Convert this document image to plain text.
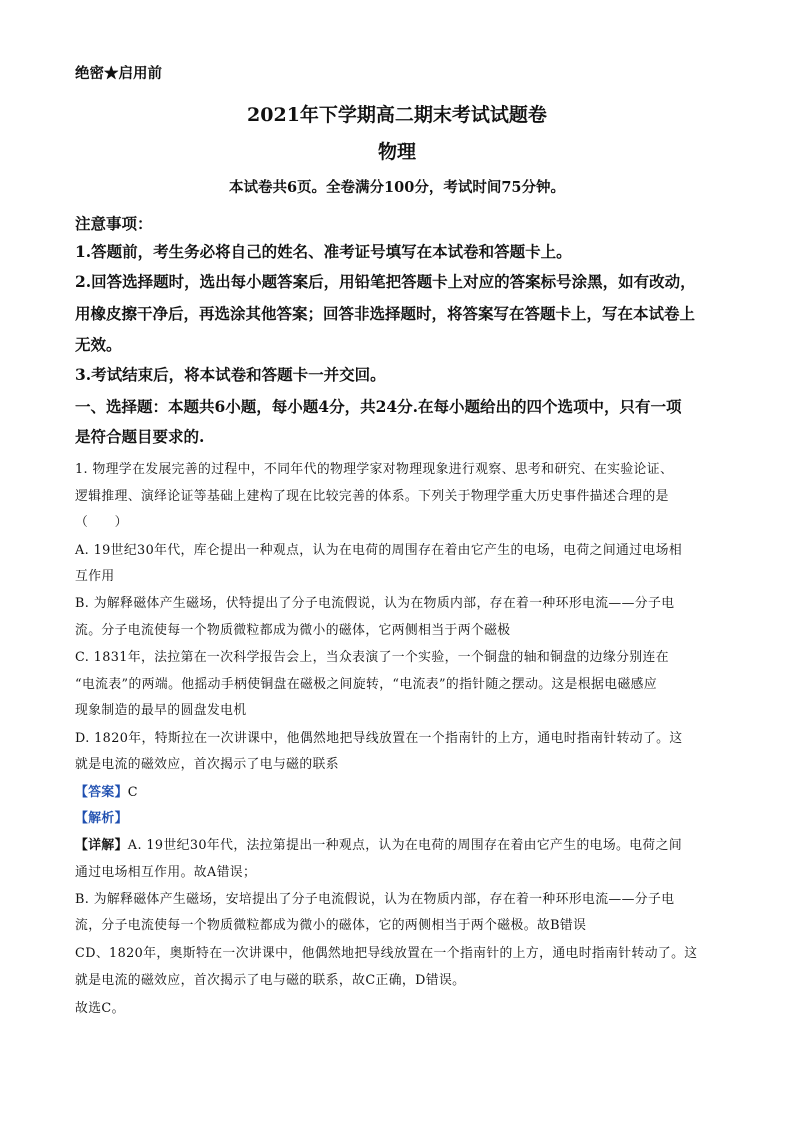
绝密★启用前
2021年下学期高二期末考试试题卷
物理
本试卷共6页。全卷满分100分，考试时间75分钟。
注意事项：
1.答题前，考生务必将自己的姓名、准考证号填写在本试卷和答题卡上。
2.回答选择题时，选出每小题答案后，用铅笔把答题卡上对应的答案标号涂黑，如有改动，
用橡皮擦干净后，再选涂其他答案；回答非选择题时，将答案写在答题卡上，写在本试卷上
无效。
3.考试结束后，将本试卷和答题卡一并交回。
一、选择题：本题共6小题，每小题4分，共24分.在每小题给出的四个选项中，只有一项
是符合题目要求的.
1. 物理学在发展完善的过程中，不同年代的物理学家对物理现象进行观察、思考和研究、在实验论证、
逻辑推理、演绎论证等基础上建构了现在比较完善的体系。下列关于物理学重大历史事件描述合理的是
（　　）
A. 19世纪30年代，库仑提出一种观点，认为在电荷的周围存在着由它产生的电场，电荷之间通过电场相
互作用
B. 为解释磁体产生磁场，伏特提出了分子电流假说，认为在物质内部，存在着一种环形电流——分子电
流。分子电流使每一个物质微粒都成为微小的磁体，它两侧相当于两个磁极
C. 1831年，法拉第在一次科学报告会上，当众表演了一个实验，一个铜盘的轴和铜盘的边缘分别连在
“电流表”的两端。他摇动手柄使铜盘在磁极之间旋转，“电流表”的指针随之摆动。这是根据电磁感应
现象制造的最早的圆盘发电机
D. 1820年，特斯拉在一次讲课中，他偶然地把导线放置在一个指南针的上方，通电时指南针转动了。这
就是电流的磁效应，首次揭示了电与磁的联系
【答案】C
【解析】
【详解】A. 19世纪30年代，法拉第提出一种观点，认为在电荷的周围存在着由它产生的电场。电荷之间
通过电场相互作用。故A错误；
B. 为解释磁体产生磁场，安培提出了分子电流假说，认为在物质内部，存在着一种环形电流——分子电
流，分子电流使每一个物质微粒都成为微小的磁体，它的两侧相当于两个磁极。故B错误
CD、1820年，奥斯特在一次讲课中，他偶然地把导线放置在一个指南针的上方，通电时指南针转动了。这
就是电流的磁效应，首次揭示了电与磁的联系，故C正确，D错误。
故选C。
